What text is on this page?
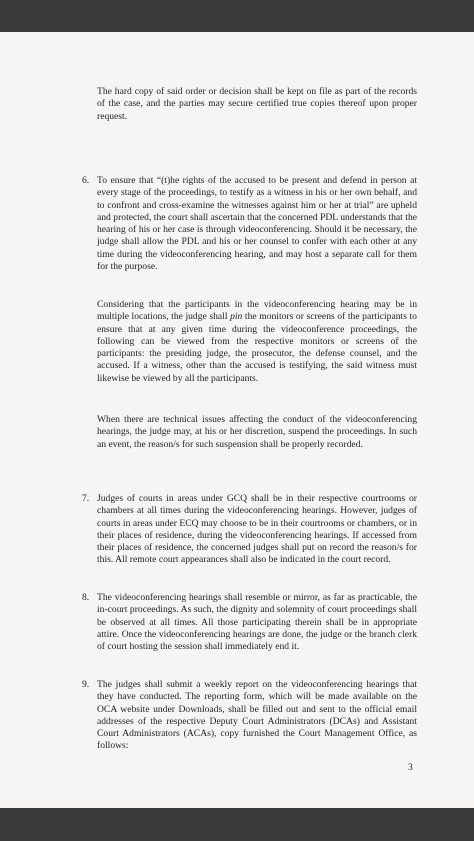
The hard copy of said order or decision shall be kept on file as part of the records of the case, and the parties may secure certified true copies thereof upon proper request.

6. To ensure that “(t)he rights of the accused to be present and defend in person at every stage of the proceedings, to testify as a witness in his or her own behalf, and to confront and cross-examine the witnesses against him or her at trial” are upheld and protected, the court shall ascertain that the concerned PDL understands that the hearing of his or her case is through videoconferencing. Should it be necessary, the judge shall allow the PDL and his or her counsel to confer with each other at any time during the videoconferencing hearing, and may host a separate call for them for the purpose.

Considering that the participants in the videoconferencing hearing may be in multiple locations, the judge shall pin the monitors or screens of the participants to ensure that at any given time during the videoconference proceedings, the following can be viewed from the respective monitors or screens of the participants: the presiding judge, the prosecutor, the defense counsel, and the accused. If a witness, other than the accused is testifying, the said witness must likewise be viewed by all the participants.

When there are technical issues affecting the conduct of the videoconferencing hearings, the judge may, at his or her discretion, suspend the proceedings. In such an event, the reason/s for such suspension shall be properly recorded.

7. Judges of courts in areas under GCQ shall be in their respective courtrooms or chambers at all times during the videoconferencing hearings. However, judges of courts in areas under ECQ may choose to be in their courtrooms or chambers, or in their places of residence, during the videoconferencing hearings. If accessed from their places of residence, the concerned judges shall put on record the reason/s for this. All remote court appearances shall also be indicated in the court record.

8. The videoconferencing hearings shall resemble or mirror, as far as practicable, the in-court proceedings. As such, the dignity and solemnity of court proceedings shall be observed at all times. All those participating therein shall be in appropriate attire. Once the videoconferencing hearings are done, the judge or the branch clerk of court hosting the session shall immediately end it.

9. The judges shall submit a weekly report on the videoconferencing hearings that they have conducted. The reporting form, which will be made available on the OCA website under Downloads, shall be filled out and sent to the official email addresses of the respective Deputy Court Administrators (DCAs) and Assistant Court Administrators (ACAs), copy furnished the Court Management Office, as follows:

3
